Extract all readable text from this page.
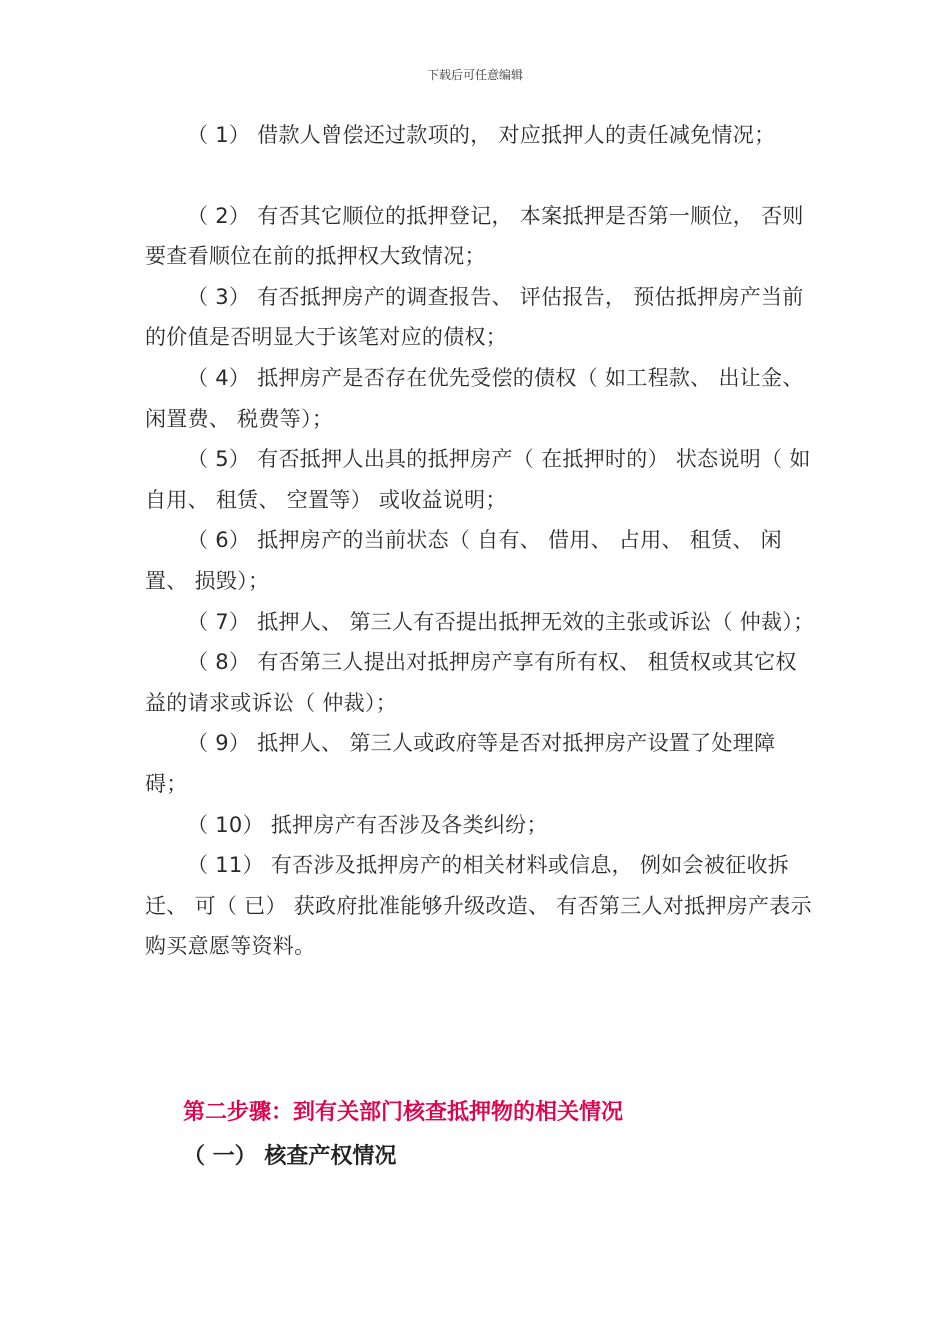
下载后可任意编辑

（ 1） 借款人曾偿还过款项的， 对应抵押人的责任减免情况；

（ 2） 有否其它顺位的抵押登记， 本案抵押是否第一顺位， 否则要查看顺位在前的抵押权大致情况；

（ 3） 有否抵押房产的调查报告、 评估报告， 预估抵押房产当前的价值是否明显大于该笔对应的债权；

（ 4） 抵押房产是否存在优先受偿的债权（ 如工程款、 出让金、 闲置费、 税费等）；

（ 5） 有否抵押人出具的抵押房产（ 在抵押时的） 状态说明（ 如自用、 租赁、 空置等） 或收益说明；

（ 6） 抵押房产的当前状态（ 自有、 借用、 占用、 租赁、 闲置、 损毁）；

（ 7） 抵押人、 第三人有否提出抵押无效的主张或诉讼（ 仲裁）；

（ 8） 有否第三人提出对抵押房产享有所有权、 租赁权或其它权益的请求或诉讼（ 仲裁）；

（ 9） 抵押人、 第三人或政府等是否对抵押房产设置了处理障碍；

（ 10） 抵押房产有否涉及各类纠纷；

（ 11） 有否涉及抵押房产的相关材料或信息， 例如会被征收拆迁、 可（ 已） 获政府批准能够升级改造、 有否第三人对抵押房产表示购买意愿等资料。

第二步骤：到有关部门核查抵押物的相关情况
（ 一） 核查产权情况
